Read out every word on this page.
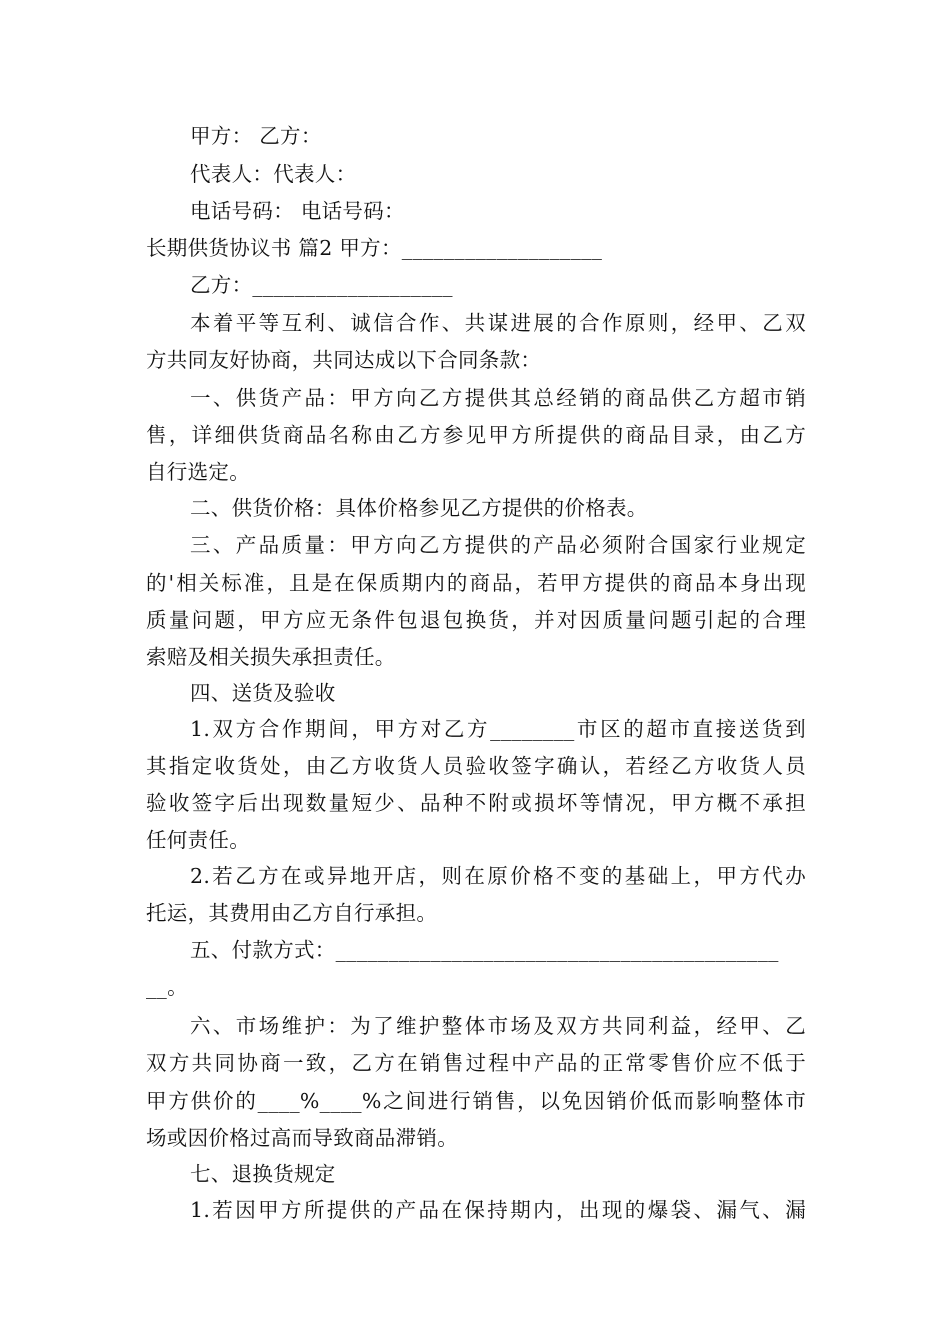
甲方： 乙方：
代表人：代表人：
电话号码： 电话号码：
长期供货协议书 篇2 甲方：___________________
乙方：___________________
本着平等互利、诚信合作、共谋进展的合作原则，经甲、乙双
方共同友好协商，共同达成以下合同条款：
一、供货产品：甲方向乙方提供其总经销的商品供乙方超市销
售，详细供货商品名称由乙方参见甲方所提供的商品目录，由乙方
自行选定。
二、供货价格：具体价格参见乙方提供的价格表。
三、产品质量：甲方向乙方提供的产品必须附合国家行业规定
的'相关标准，且是在保质期内的商品，若甲方提供的商品本身出现
质量问题，甲方应无条件包退包换货，并对因质量问题引起的合理
索赔及相关损失承担责任。
四、送货及验收
1.双方合作期间，甲方对乙方________市区的超市直接送货到
其指定收货处，由乙方收货人员验收签字确认，若经乙方收货人员
验收签字后出现数量短少、品种不附或损坏等情况，甲方概不承担
任何责任。
2.若乙方在或异地开店，则在原价格不变的基础上，甲方代办
托运，其费用由乙方自行承担。
五、付款方式：__________________________________________
__。
六、市场维护：为了维护整体市场及双方共同利益，经甲、乙
双方共同协商一致，乙方在销售过程中产品的正常零售价应不低于
甲方供价的____%____%之间进行销售，以免因销价低而影响整体市
场或因价格过高而导致商品滞销。
七、退换货规定
1.若因甲方所提供的产品在保持期内，出现的爆袋、漏气、漏
